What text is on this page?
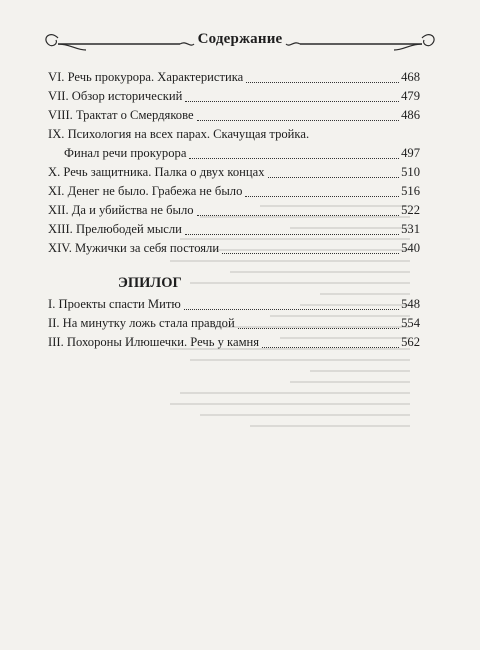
Содержание
VI. Речь прокурора. Характеристика	468
VII. Обзор исторический	479
VIII. Трактат о Смердякове	486
IX. Психология на всех парах. Скачущая тройка.
Финал речи прокурора	497
X. Речь защитника. Палка о двух концах	510
XI. Денег не было. Грабежа не было	516
XII. Да и убийства не было	522
XIII. Прелюбодей мысли	531
XIV. Мужички за себя постояли	540
ЭПИЛОГ
I. Проекты спасти Митю	548
II. На минутку ложь стала правдой	554
III. Похороны Илюшечки. Речь у камня	562
